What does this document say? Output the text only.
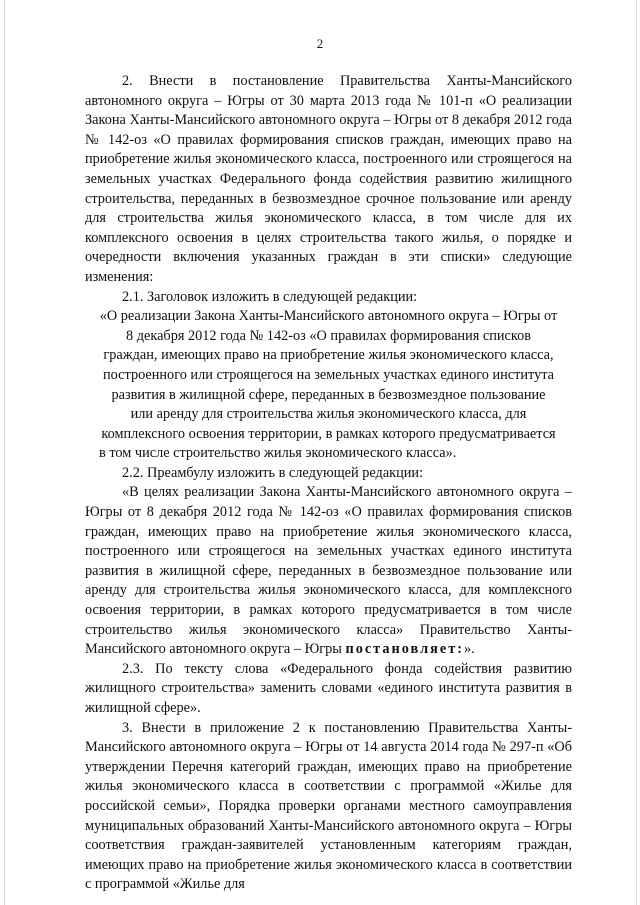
2

2. Внести в постановление Правительства Ханты-Мансийского автономного округа – Югры от 30 марта 2013 года № 101-п «О реализации Закона Ханты-Мансийского автономного округа – Югры от 8 декабря 2012 года № 142-оз «О правилах формирования списков граждан, имеющих право на приобретение жилья экономического класса, построенного или строящегося на земельных участках Федерального фонда содействия развитию жилищного строительства, переданных в безвозмездное срочное пользование или аренду для строительства жилья экономического класса, в том числе для их комплексного освоения в целях строительства такого жилья, о порядке и очередности включения указанных граждан в эти списки» следующие изменения:

2.1. Заголовок изложить в следующей редакции:

«О реализации Закона Ханты-Мансийского автономного округа – Югры от 8 декабря 2012 года № 142-оз «О правилах формирования списков граждан, имеющих право на приобретение жилья экономического класса, построенного или строящегося на земельных участках единого института развития в жилищной сфере, переданных в безвозмездное пользование или аренду для строительства жилья экономического класса, для комплексного освоения территории, в рамках которого предусматривается в том числе строительство жилья экономического класса».

2.2. Преамбулу изложить в следующей редакции:

«В целях реализации Закона Ханты-Мансийского автономного округа – Югры от 8 декабря 2012 года № 142-оз «О правилах формирования списков граждан, имеющих право на приобретение жилья экономического класса, построенного или строящегося на земельных участках единого института развития в жилищной сфере, переданных в безвозмездное пользование или аренду для строительства жилья экономического класса, для комплексного освоения территории, в рамках которого предусматривается в том числе строительство жилья экономического класса» Правительство Ханты-Мансийского автономного округа – Югры постановляет:».

2.3. По тексту слова «Федерального фонда содействия развитию жилищного строительства» заменить словами «единого института развития в жилищной сфере».

3. Внести в приложение 2 к постановлению Правительства Ханты-Мансийского автономного округа – Югры от 14 августа 2014 года № 297-п «Об утверждении Перечня категорий граждан, имеющих право на приобретение жилья экономического класса в соответствии с программой «Жилье для российской семьи», Порядка проверки органами местного самоуправления муниципальных образований Ханты-Мансийского автономного округа – Югры соответствия граждан-заявителей установленным категориям граждан, имеющих право на приобретение жилья экономического класса в соответствии с программой «Жилье для
